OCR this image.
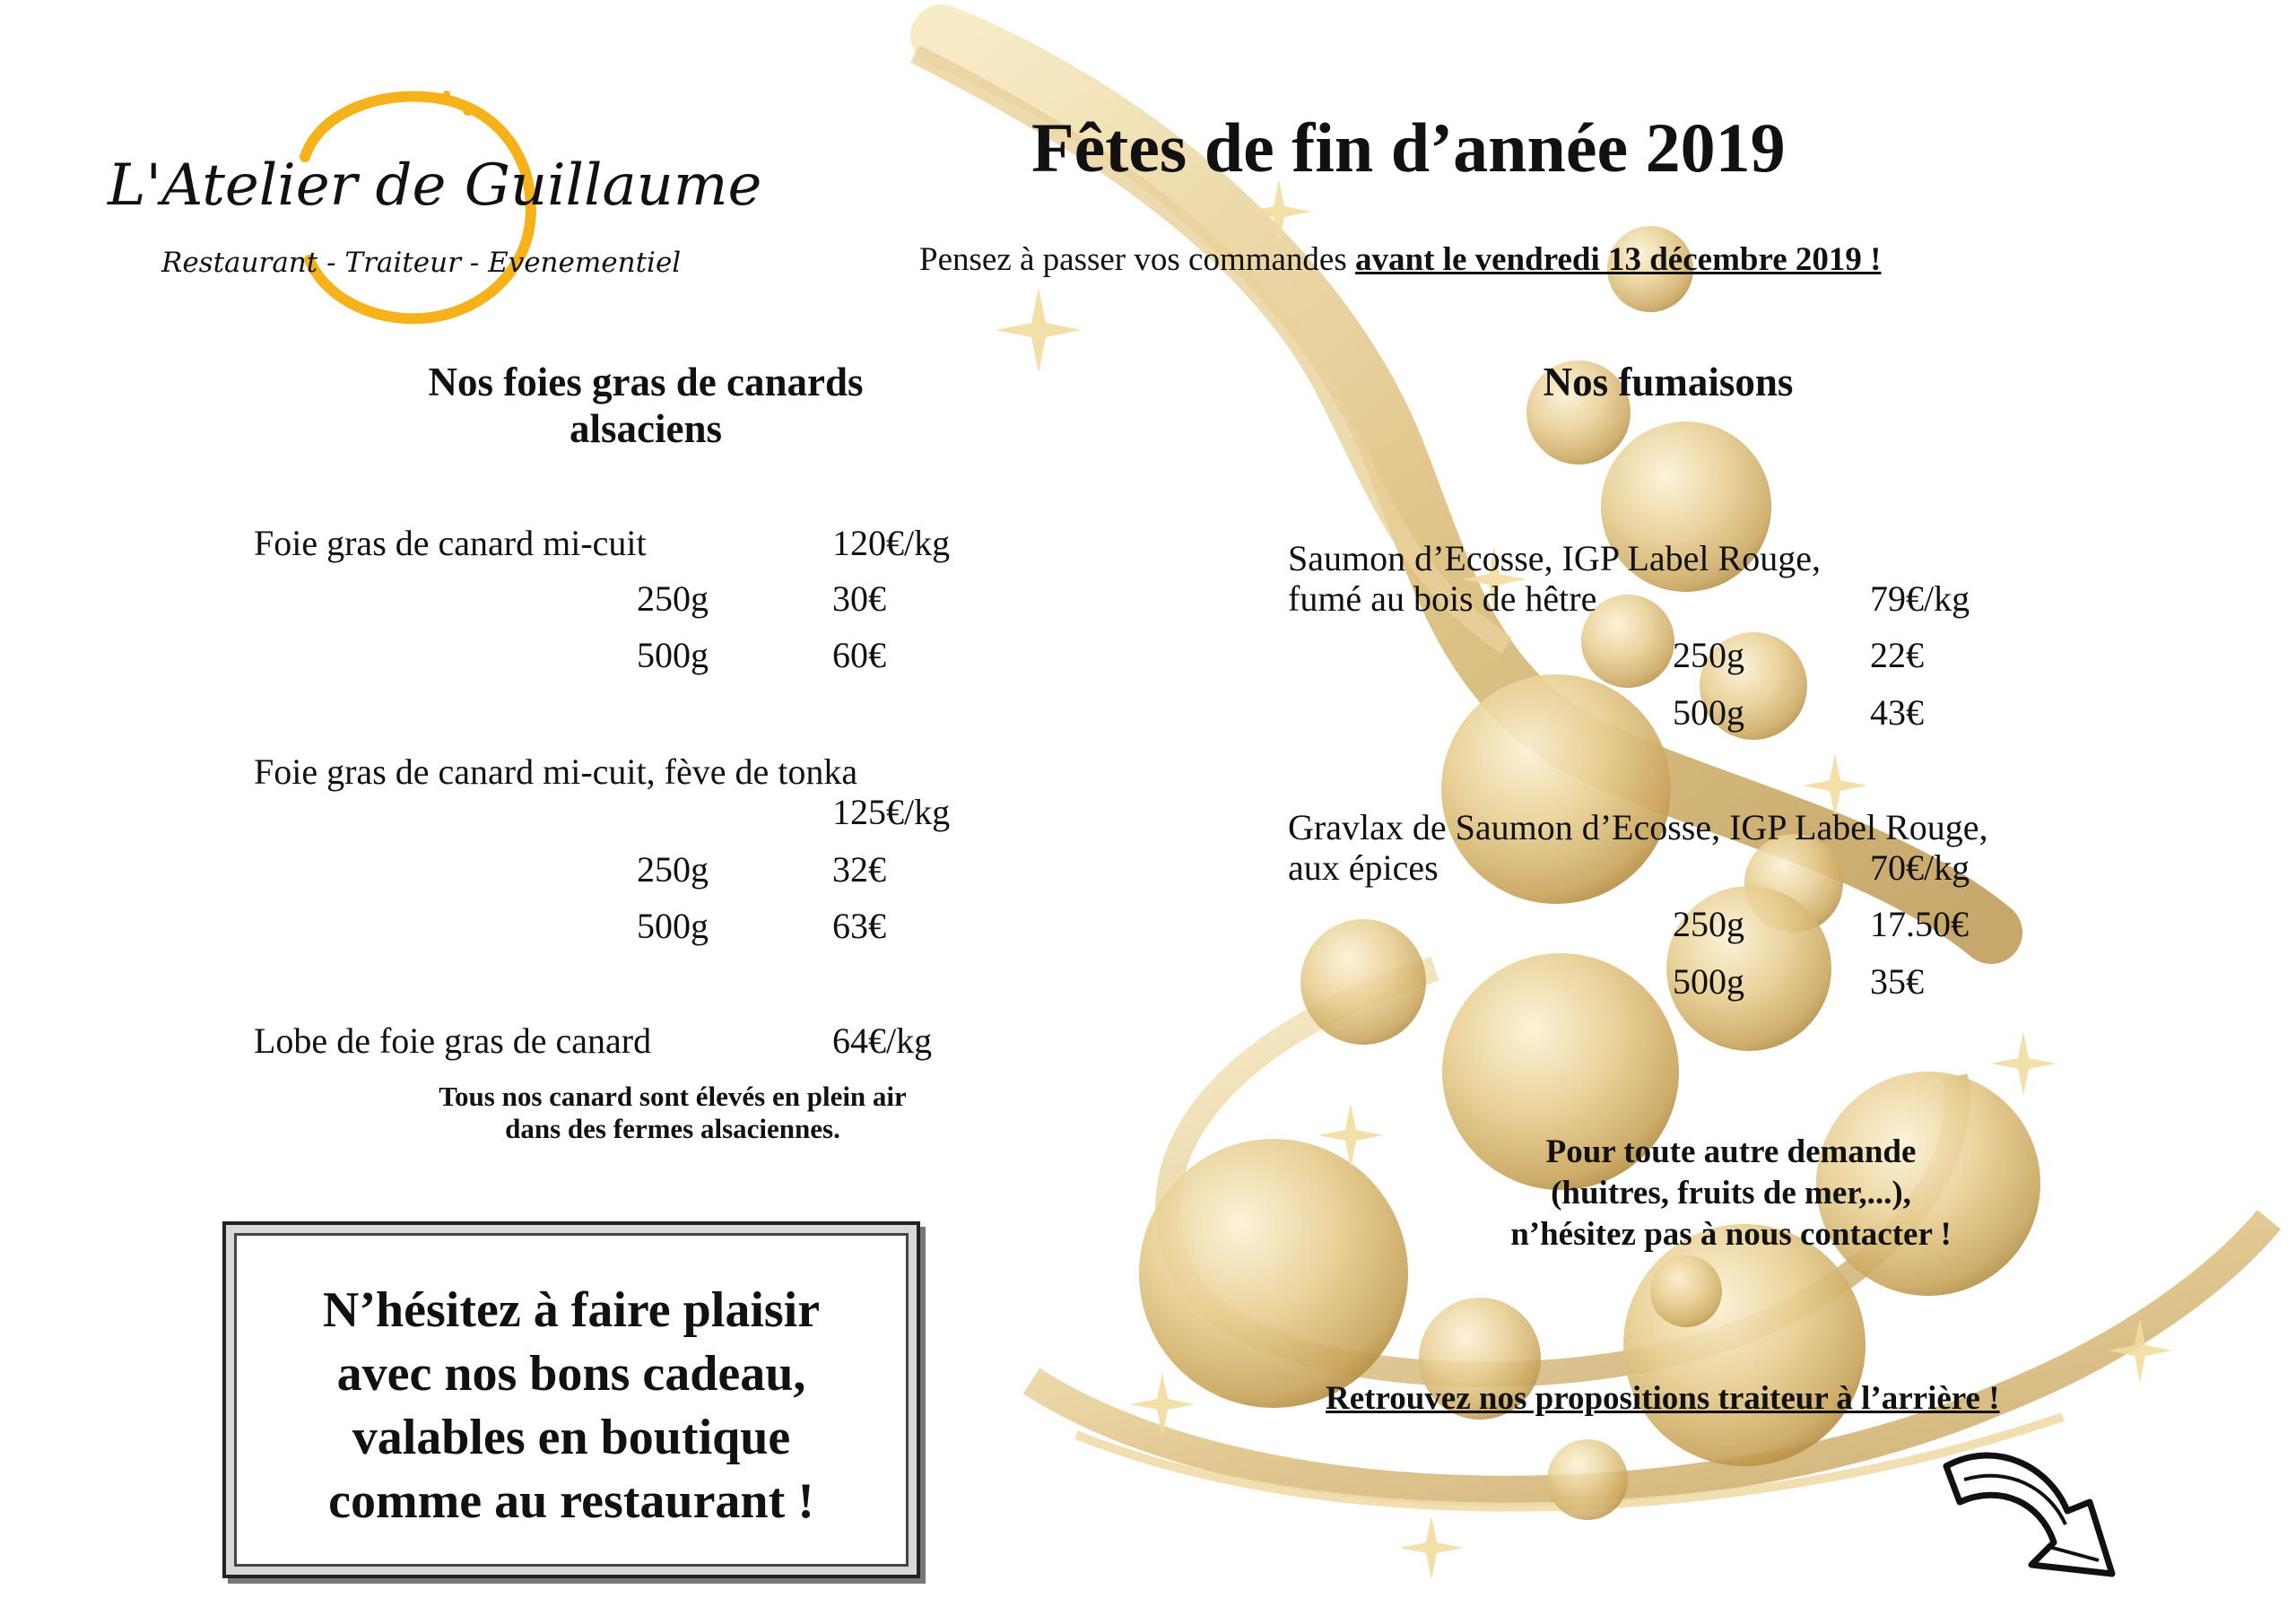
L'Atelier de Guillaume
Restaurant - Traiteur - Evenementiel
Fêtes de fin d’année 2019
Pensez à passer vos commandes avant le vendredi 13 décembre 2019 !
Nos foies gras de canards
alsaciens
Foie gras de canard mi-cuit	120€/kg
250g	30€
500g	60€
Foie gras de canard mi-cuit, fève de tonka
125€/kg
250g	32€
500g	63€
Lobe de foie gras de canard	64€/kg
Tous nos canard sont élevés en plein air
dans des fermes alsaciennes.
N’hésitez à faire plaisir
avec nos bons cadeau,
valables en boutique
comme au restaurant !
Nos fumaisons
Saumon d’Ecosse, IGP Label Rouge,
fumé au bois de hêtre	79€/kg
250g	22€
500g	43€
Gravlax de Saumon d’Ecosse, IGP Label Rouge,
aux épices	70€/kg
250g	17.50€
500g	35€
Pour toute autre demande
(huitres, fruits de mer,...),
n’hésitez pas à nous contacter !
Retrouvez nos propositions traiteur à l’arrière !
